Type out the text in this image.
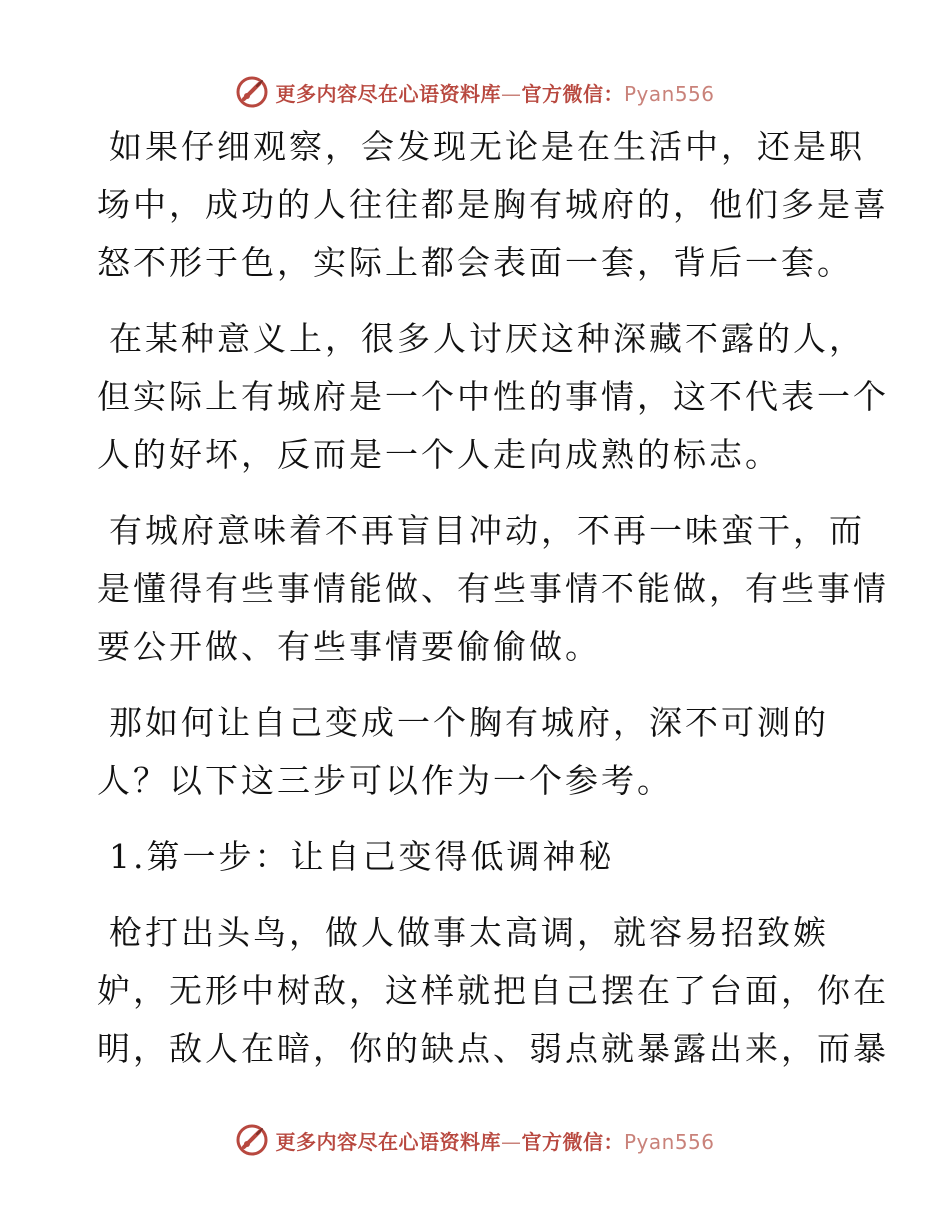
更多内容尽在心语资料库—官方微信：Pyan556
如果仔细观察，会发现无论是在生活中，还是职
场中，成功的人往往都是胸有城府的，他们多是喜
怒不形于色，实际上都会表面一套，背后一套。
在某种意义上，很多人讨厌这种深藏不露的人，
但实际上有城府是一个中性的事情，这不代表一个
人的好坏，反而是一个人走向成熟的标志。
有城府意味着不再盲目冲动，不再一味蛮干，而
是懂得有些事情能做、有些事情不能做，有些事情
要公开做、有些事情要偷偷做。
那如何让自己变成一个胸有城府，深不可测的
人？以下这三步可以作为一个参考。
1.第一步：让自己变得低调神秘
枪打出头鸟，做人做事太高调，就容易招致嫉
妒，无形中树敌，这样就把自己摆在了台面，你在
明，敌人在暗，你的缺点、弱点就暴露出来，而暴
更多内容尽在心语资料库—官方微信：Pyan556
